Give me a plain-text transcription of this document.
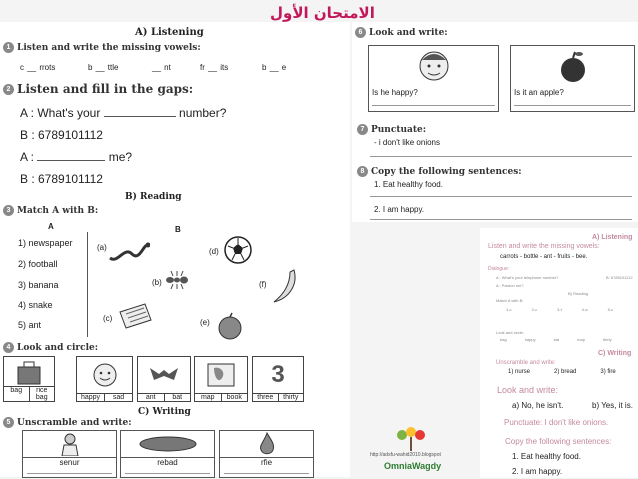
الامتحان الأول
A) Listening
1 Listen and write the missing vowels:
c __ rrots	b __ ttle	__ nt	fr __ its	b __ e
2 Listen and fill in the gaps:
A : What's your	number?
B : 6789101112
A :	me?
B : 6789101112
B) Reading
3 Match A with B:
A	B
1) newspaper
2) football
3) banana
4) snake
5) ant
(a)
(b)
(c)
(d)
(f)
(e)
4 Look and circle:
bag	rice bag	happy	sad	ant	bat	map	book
3
three	thirty
C) Writing
5 Unscramble and write:
senur	rebad	rfie
6 Look and write:
Is he happy?	Is it an apple?
7 Punctuate:
- i don't like onions
8 Copy the following sentences:
1. Eat healthy food.
2. I am happy.
A) Listening
Listen and write the missing vowels:
carrots - bottle - ant - fruits - bee.
Dialogue:
A : What's your telephone number?	B: 6789101112
A : Pardon me?
B) Reading
Match A with B:
1-c	2-c	3-f	4-a	5-c
Look and circle:
bag	happy	bat	map	thirty
C) Writing
Unscramble and write:
1) nurse	2) bread	3) fire
Look and write:
a) No, he isn't.	b) Yes, it is.
Punctuate: I don't like onions.
Copy the following sentences:
1. Eat healthy food.
2. I am happy.
http://adsfu-wahid2010.blogspot
OmniaWagdy
